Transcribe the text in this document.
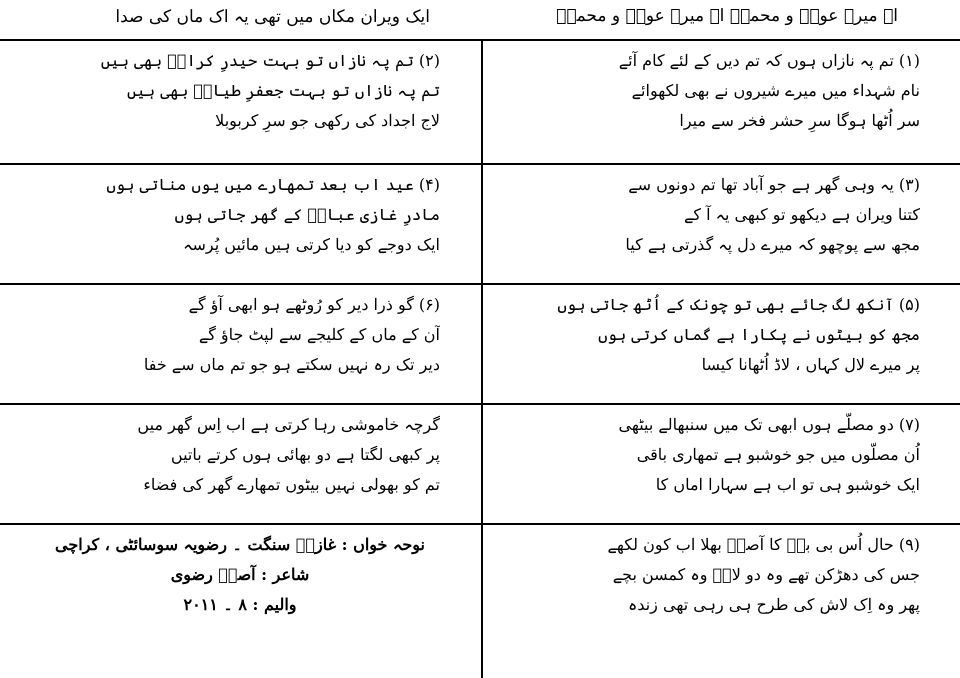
اے میرے عونؑ و محمدؑ اے میرے عونؑ و محمدؑ
ایک ویران مکاں میں تھی یہ اک ماں کی صدا
(۱) تم پہ نازاں ہوں کہ تم دیں کے لئے کام آئے
نام شہداء میں میرے شیروں نے بھی لکھوائے
سر اُٹھا ہوگا سرِ حشر فخر سے میرا
(۲) تم پہ نازاں تو بہت حیدرِ کرارؑ بھی ہیں
تم پہ نازاں تو بہت جعفرِ طیارؑ بھی ہیں
لاج اجداد کی رکھی جو سرِ کربوبلا
(۳) یہ وہی گھر ہے جو آباد تھا تم دونوں سے
کتنا ویران ہے دیکھو تو کبھی یہ آ کے
مجھ سے پوچھو کہ میرے دل پہ گذرتی ہے کیا
(۴) عید اب بعد تمھارے میں یوں مناتی ہوں
مادرِ غازی عباسؑ کے گھر جاتی ہوں
ایک دوجے کو دیا کرتی ہیں مائیں پُرسہ
(۵) آنکھ لگ جائے بھی تو چونک کے اُٹھ جاتی ہوں
مجھ کو بیٹوں نے پکارا ہے گماں کرتی ہوں
پر میرے لال کہاں ، لاڈ اُٹھانا کیسا
(۶) گو ذرا دیر کو رُوٹھے ہو ابھی آؤ گے
آن کے ماں کے کلیجے سے لپٹ جاؤ گے
دیر تک رہ نہیں سکتے ہو جو تم ماں سے خفا
(۷) دو مصلّے ہوں ابھی تک میں سنبھالے بیٹھی
اُن مصلّوں میں جو خوشبو ہے تمھاری باقی
ایک خوشبو ہی تو اب ہے سہارا اماں کا
گرچہ خاموشی رہا کرتی ہے اب اِس گھر میں
پر کبھی لگتا ہے دو بھائی ہوں کرتے باتیں
تم کو بھولی نہیں بیٹوں تمھارے گھر کی فضاء
(۹) حال اُس بی بیؑ کا آصفؔ بھلا اب کون لکھے
جس کی دھڑکن تھے وہ دو لالؑ وہ کمسن بچے
پھر وہ اِک لاش کی طرح ہی رہی تھی زندہ
نوحہ خواں : غازیؑ سنگت ۔ رضویہ سوسائٹی ، کراچی
شاعر : آصفؔ رضوی
والیم : ۸ ۔ ۲۰۱۱
